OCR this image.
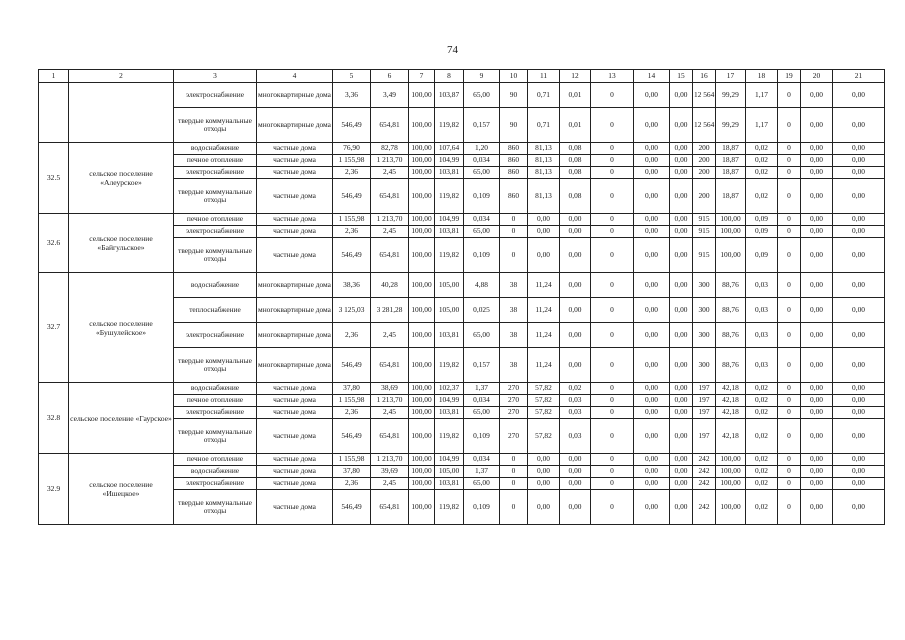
74
1	2	3	4	5	6	7	8	9	10	11	12	13	14	15	16	17	18	19	20	21
		электроснабжение	многоквартирные дома	3,36	3,49	100,00	103,87	65,00	90	0,71	0,01	0	0,00	0,00	12 564	99,29	1,17	0	0,00	0,00
		твердые коммунальные отходы	многоквартирные дома	546,49	654,81	100,00	119,82	0,157	90	0,71	0,01	0	0,00	0,00	12 564	99,29	1,17	0	0,00	0,00
32.5	сельское поселение «Алеурское»	водоснабжение	частные дома	76,90	82,78	100,00	107,64	1,20	860	81,13	0,08	0	0,00	0,00	200	18,87	0,02	0	0,00	0,00
		печное отопление	частные дома	1 155,98	1 213,70	100,00	104,99	0,034	860	81,13	0,08	0	0,00	0,00	200	18,87	0,02	0	0,00	0,00
		электроснабжение	частные дома	2,36	2,45	100,00	103,81	65,00	860	81,13	0,08	0	0,00	0,00	200	18,87	0,02	0	0,00	0,00
		твердые коммунальные отходы	частные дома	546,49	654,81	100,00	119,82	0,109	860	81,13	0,08	0	0,00	0,00	200	18,87	0,02	0	0,00	0,00
32.6	сельское поселение «Байгульское»	печное отопление	частные дома	1 155,98	1 213,70	100,00	104,99	0,034	0	0,00	0,00	0	0,00	0,00	915	100,00	0,09	0	0,00	0,00
		электроснабжение	частные дома	2,36	2,45	100,00	103,81	65,00	0	0,00	0,00	0	0,00	0,00	915	100,00	0,09	0	0,00	0,00
		твердые коммунальные отходы	частные дома	546,49	654,81	100,00	119,82	0,109	0	0,00	0,00	0	0,00	0,00	915	100,00	0,09	0	0,00	0,00
32.7	сельское поселение «Бушулейское»	водоснабжение	многоквартирные дома	38,36	40,28	100,00	105,00	4,88	38	11,24	0,00	0	0,00	0,00	300	88,76	0,03	0	0,00	0,00
		теплоснабжение	многоквартирные дома	3 125,03	3 281,28	100,00	105,00	0,025	38	11,24	0,00	0	0,00	0,00	300	88,76	0,03	0	0,00	0,00
		электроснабжение	многоквартирные дома	2,36	2,45	100,00	103,81	65,00	38	11,24	0,00	0	0,00	0,00	300	88,76	0,03	0	0,00	0,00
		твердые коммунальные отходы	многоквартирные дома	546,49	654,81	100,00	119,82	0,157	38	11,24	0,00	0	0,00	0,00	300	88,76	0,03	0	0,00	0,00
32.8	сельское поселение «Гаурское»	водоснабжение	частные дома	37,80	38,69	100,00	102,37	1,37	270	57,82	0,02	0	0,00	0,00	197	42,18	0,02	0	0,00	0,00
		печное отопление	частные дома	1 155,98	1 213,70	100,00	104,99	0,034	270	57,82	0,03	0	0,00	0,00	197	42,18	0,02	0	0,00	0,00
		электроснабжение	частные дома	2,36	2,45	100,00	103,81	65,00	270	57,82	0,03	0	0,00	0,00	197	42,18	0,02	0	0,00	0,00
		твердые коммунальные отходы	частные дома	546,49	654,81	100,00	119,82	0,109	270	57,82	0,03	0	0,00	0,00	197	42,18	0,02	0	0,00	0,00
32.9	сельское поселение «Ишецкое»	печное отопление	частные дома	1 155,98	1 213,70	100,00	104,99	0,034	0	0,00	0,00	0	0,00	0,00	242	100,00	0,02	0	0,00	0,00
		водоснабжение	частные дома	37,80	39,69	100,00	105,00	1,37	0	0,00	0,00	0	0,00	0,00	242	100,00	0,02	0	0,00	0,00
		электроснабжение	частные дома	2,36	2,45	100,00	103,81	65,00	0	0,00	0,00	0	0,00	0,00	242	100,00	0,02	0	0,00	0,00
		твердые коммунальные отходы	частные дома	546,49	654,81	100,00	119,82	0,109	0	0,00	0,00	0	0,00	0,00	242	100,00	0,02	0	0,00	0,00
